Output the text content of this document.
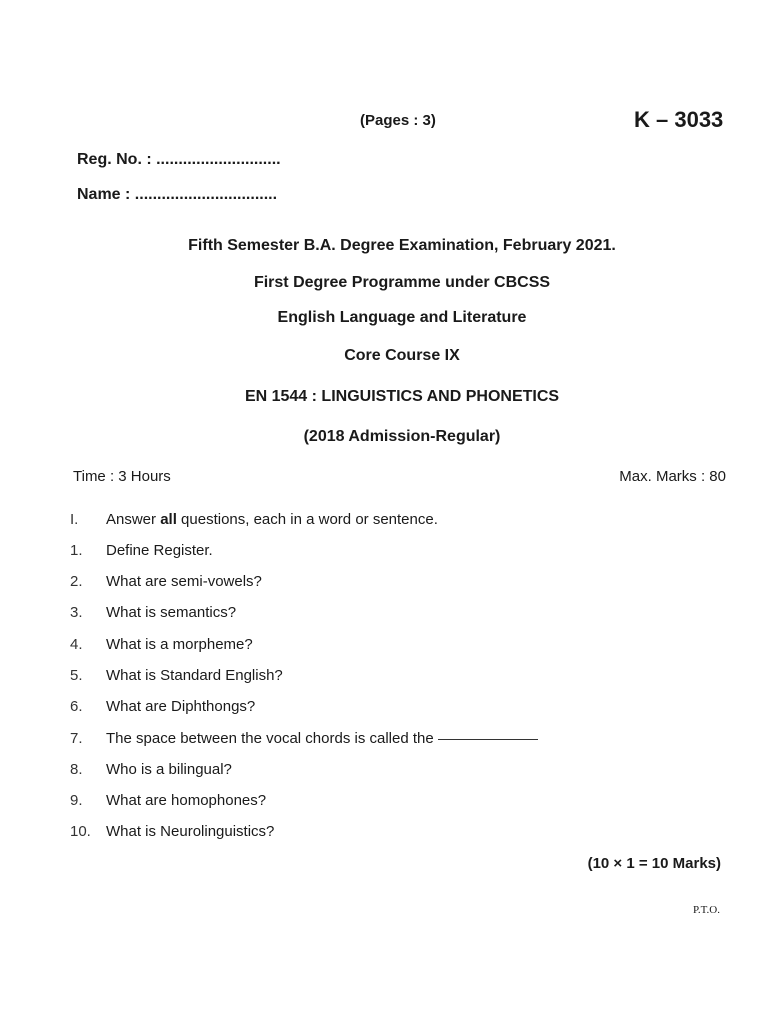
(Pages : 3)	K – 3033
Reg. No. : ............................
Name : ................................
Fifth Semester B.A. Degree Examination, February 2021.
First Degree Programme under CBCSS
English Language and Literature
Core Course IX
EN 1544 : LINGUISTICS AND PHONETICS
(2018 Admission-Regular)
Time : 3 Hours	Max. Marks : 80
I. Answer all questions, each in a word or sentence.
1. Define Register.
2. What are semi-vowels?
3. What is semantics?
4. What is a morpheme?
5. What is Standard English?
6. What are Diphthongs?
7. The space between the vocal chords is called the
8. Who is a bilingual?
9. What are homophones?
10. What is Neurolinguistics?
(10 × 1 = 10 Marks)
P.T.O.
